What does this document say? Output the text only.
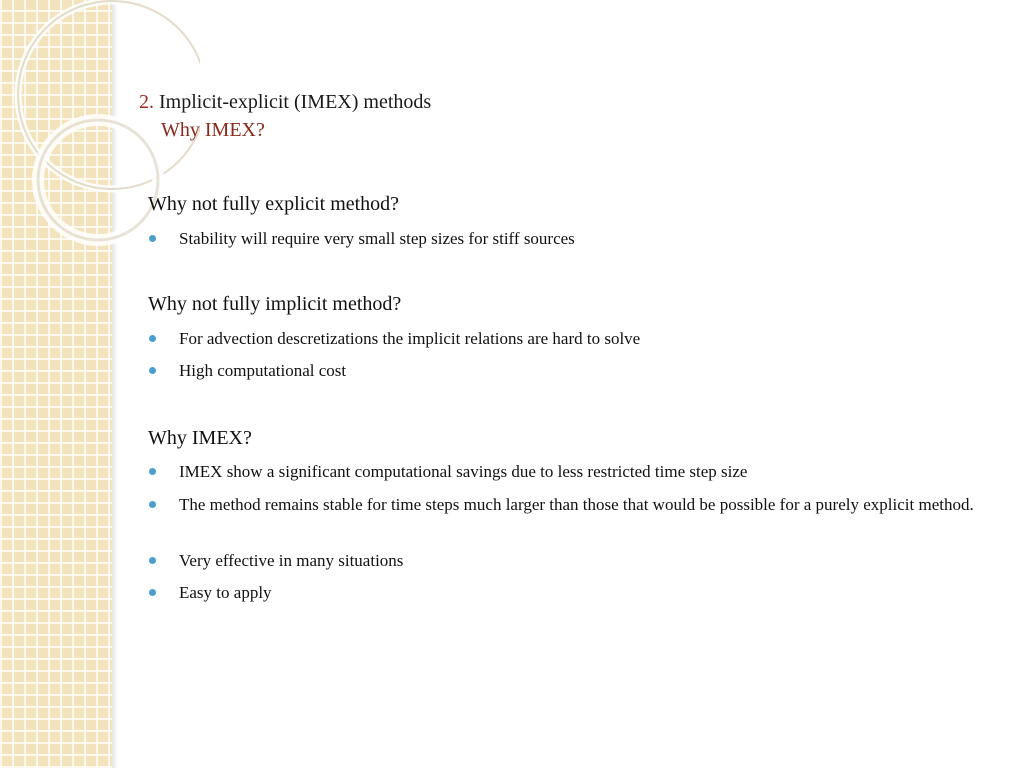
2. Implicit-explicit (IMEX) methods
Why IMEX?
Why not fully explicit method?
Stability will require very small step sizes for stiff sources
Why not fully implicit method?
For advection descretizations the implicit relations are hard to solve
High computational cost
Why IMEX?
IMEX show a significant computational savings due to less restricted time step size
The method remains stable for time steps much larger than those that would be possible for a purely explicit method.
Very effective in many situations
Easy to apply
